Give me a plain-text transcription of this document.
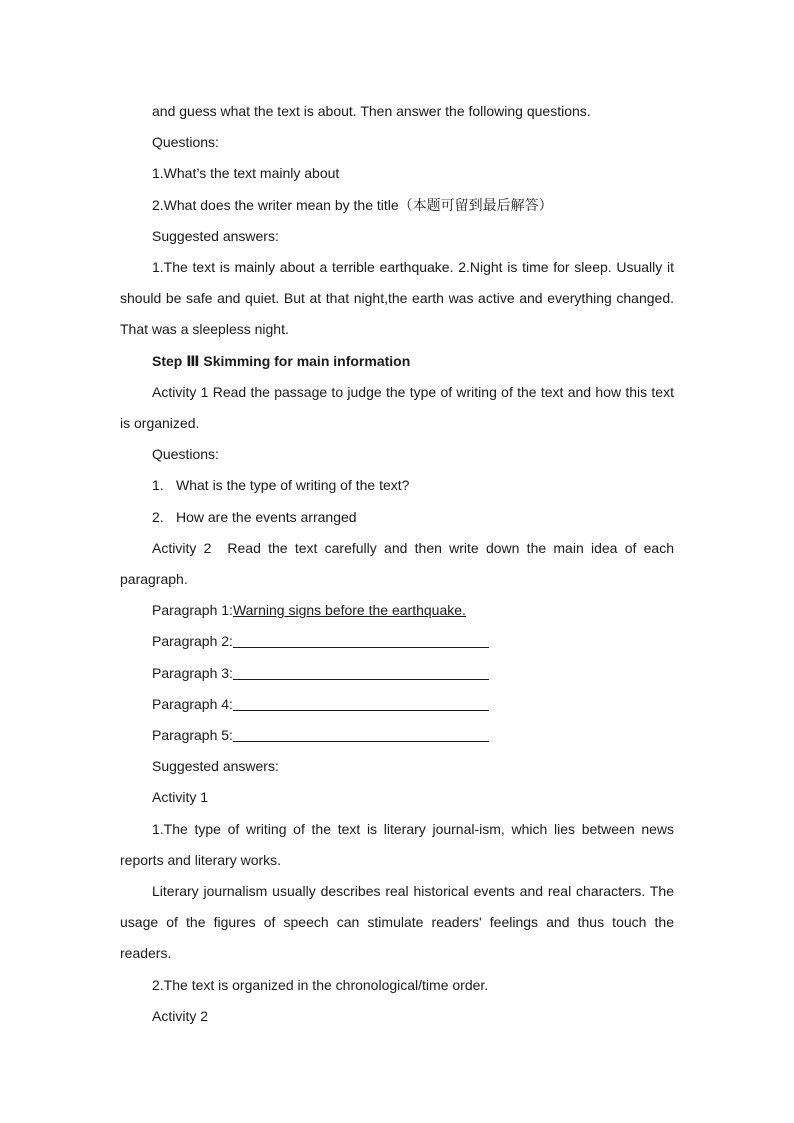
and guess what the text is about. Then answer the following questions.
Questions:
1.What’s the text mainly about
2.What does the writer mean by the title（本题可留到最后解答）
Suggested answers:

1.The text is mainly about a terrible earthquake. 2.Night is time for sleep. Usually it should be safe and quiet. But at that night,the earth was active and everything changed. That was a sleepless night.

Step Ⅲ Skimming for main information

Activity 1 Read the passage to judge the type of writing of the text and how this text is organized.

Questions:
1. What is the type of writing of the text?
2. How are the events arranged

Activity 2 Read the text carefully and then write down the main idea of each paragraph.

Paragraph 1:Warning signs before the earthquake.
Paragraph 2:
Paragraph 3:
Paragraph 4:
Paragraph 5:
Suggested answers:
Activity 1

1.The type of writing of the text is literary journal-ism, which lies between news reports and literary works.

Literary journalism usually describes real historical events and real characters. The usage of the figures of speech can stimulate readers' feelings and thus touch the readers.

2.The text is organized in the chronological/time order.
Activity 2
